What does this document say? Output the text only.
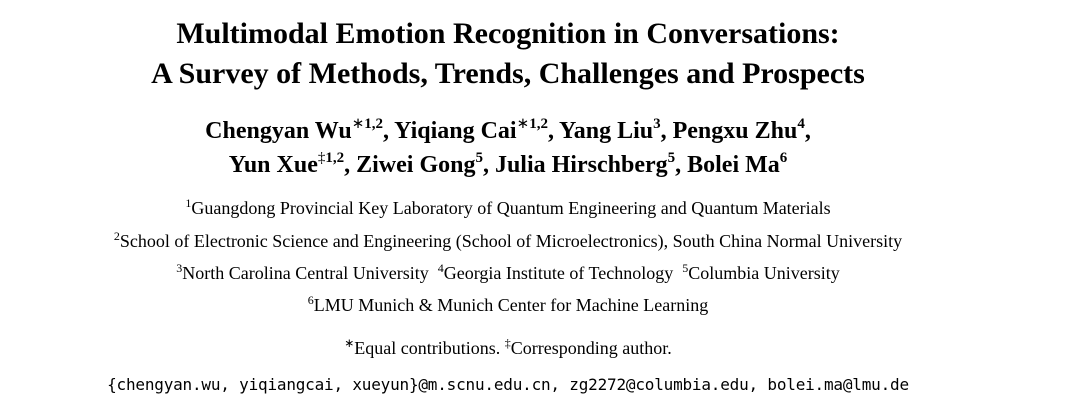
Multimodal Emotion Recognition in Conversations:
A Survey of Methods, Trends, Challenges and Prospects
Chengyan $Wu^{∗1,2}$, Yiqiang Cai$^{∗1,2}$, Yang Liu$^3$, Pengxu Zhu$^4$,
Yun Xue$^{\ddagger 1,2}$, Ziwei Gong$^5$, Julia Hirschberg$^5$, Bolei Ma$^6$
$^1$Guangdong Provincial Key Laboratory of Quantum Engineering and Quantum Materials
$^2$School of Electronic Science and Engineering (School of Microelectronics), South China Normal University
$^3$North Carolina Central University $^4$Georgia Institute of Technology $^5$Columbia University
$^6$LMU Munich & Munich Center for Machine Learning
∗Equal contributions. ‡Corresponding author.
{chengyan.wu, yiqiangcai, xueyun}@m.scnu.edu.cn, zg2272@columbia.edu, bolei.ma@lmu.de
